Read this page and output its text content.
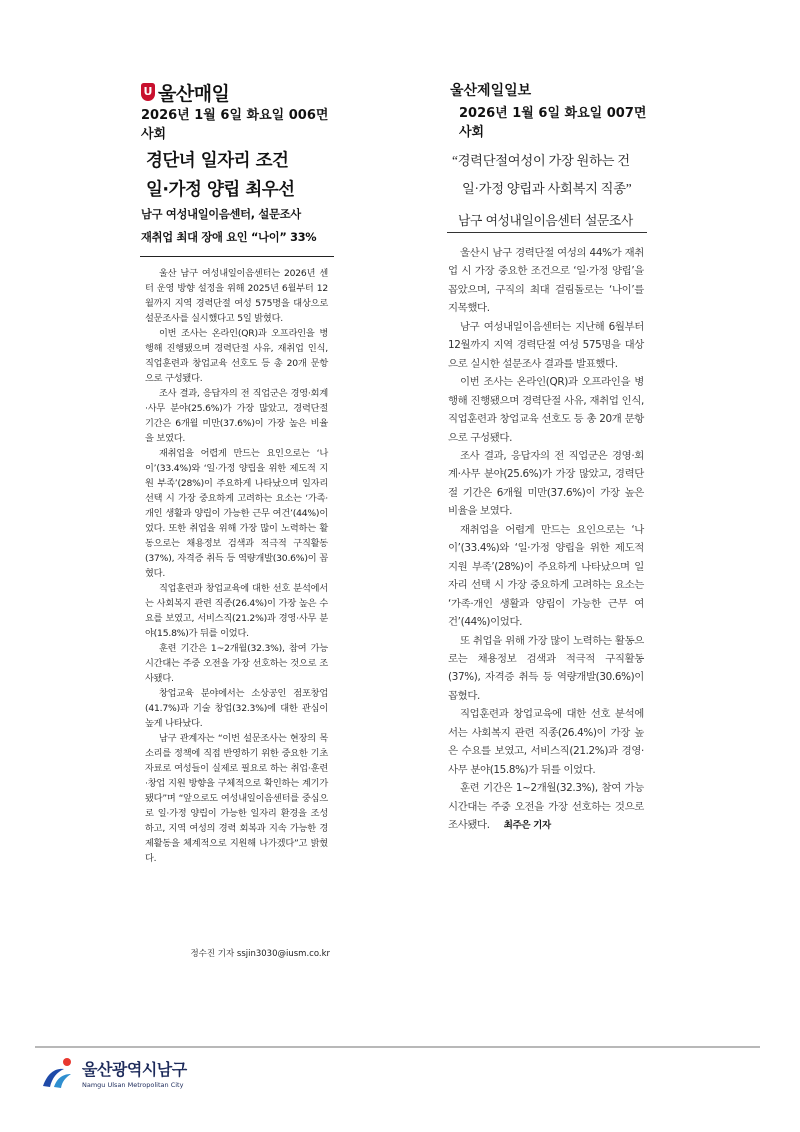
U 울산매일
2026년 1월 6일 화요일 006면
사회
경단녀 일자리 조건
일·가정 양립 최우선
남구 여성내일이음센터, 설문조사
재취업 최대 장애 요인 “나이” 33%

울산 남구 여성내일이음센터는 2026년 센터 운영 방향 설정을 위해 2025년 6월부터 12월까지 지역 경력단절 여성 575명을 대상으로 설문조사를 실시했다고 5일 밝혔다.

이번 조사는 온라인(QR)과 오프라인을 병행해 진행됐으며 경력단절 사유, 재취업 인식, 직업훈련과 창업교육 선호도 등 총 20개 문항으로 구성됐다.

조사 결과, 응답자의 전 직업군은 경영·회계·사무 분야(25.6%)가 가장 많았고, 경력단절 기간은 6개월 미만(37.6%)이 가장 높은 비율을 보였다.

재취업을 어렵게 만드는 요인으로는 ‘나이’(33.4%)와 ‘일·가정 양립을 위한 제도적 지원 부족’(28%)이 주요하게 나타났으며 일자리 선택 시 가장 중요하게 고려하는 요소는 ‘가족·개인 생활과 양립이 가능한 근무 여건’(44%)이었다. 또한 취업을 위해 가장 많이 노력하는 활동으로는 채용정보 검색과 적극적 구직활동(37%), 자격증 취득 등 역량개발(30.6%)이 꼽혔다.

직업훈련과 창업교육에 대한 선호 분석에서는 사회복지 관련 직종(26.4%)이 가장 높은 수요를 보였고, 서비스직(21.2%)과 경영·사무 분야(15.8%)가 뒤를 이었다.

훈련 기간은 1~2개월(32.3%), 참여 가능 시간대는 주중 오전을 가장 선호하는 것으로 조사됐다.

창업교육 분야에서는 소상공인 점포창업(41.7%)과 기술 창업(32.3%)에 대한 관심이 높게 나타났다.

남구 관계자는 “이번 설문조사는 현장의 목소리를 정책에 직접 반영하기 위한 중요한 기초 자료로 여성들이 실제로 필요로 하는 취업·훈련·창업 지원 방향을 구체적으로 확인하는 계기가 됐다”며 “앞으로도 여성내일이음센터를 중심으로 일·가정 양립이 가능한 일자리 환경을 조성하고, 지역 여성의 경력 회복과 지속 가능한 경제활동을 체계적으로 지원해 나가겠다”고 밝혔다.

정수진 기자 ssjin3030@iusm.co.kr
울산제일일보
2026년 1월 6일 화요일 007면
사회
“경력단절여성이 가장 원하는 건
일·가정 양립과 사회복지 직종”
남구 여성내일이음센터 설문조사

울산시 남구 경력단절 여성의 44%가 재취업 시 가장 중요한 조건으로 ‘일·가정 양립’을 꼽았으며, 구직의 최대 걸림돌로는 ‘나이’를 지목했다.

남구 여성내일이음센터는 지난해 6월부터 12월까지 지역 경력단절 여성 575명을 대상으로 실시한 설문조사 결과를 발표했다.

이번 조사는 온라인(QR)과 오프라인을 병행해 진행됐으며 경력단절 사유, 재취업 인식, 직업훈련과 창업교육 선호도 등 총 20개 문항으로 구성됐다.

조사 결과, 응답자의 전 직업군은 경영·회계·사무 분야(25.6%)가 가장 많았고, 경력단절 기간은 6개월 미만(37.6%)이 가장 높은 비율을 보였다.

재취업을 어렵게 만드는 요인으로는 ‘나이’(33.4%)와 ‘일·가정 양립을 위한 제도적 지원 부족’(28%)이 주요하게 나타났으며 일자리 선택 시 가장 중요하게 고려하는 요소는 ‘가족·개인 생활과 양립이 가능한 근무 여건’(44%)이었다.

또 취업을 위해 가장 많이 노력하는 활동으로는 채용정보 검색과 적극적 구직활동(37%), 자격증 취득 등 역량개발(30.6%)이 꼽혔다.

직업훈련과 창업교육에 대한 선호 분석에서는 사회복지 관련 직종(26.4%)이 가장 높은 수요를 보였고, 서비스직(21.2%)과 경영·사무 분야(15.8%)가 뒤를 이었다.

훈련 기간은 1~2개월(32.3%), 참여 가능 시간대는 주중 오전을 가장 선호하는 것으로 조사됐다. 최주은 기자

울산광역시남구
Namgu Ulsan Metropolitan City
